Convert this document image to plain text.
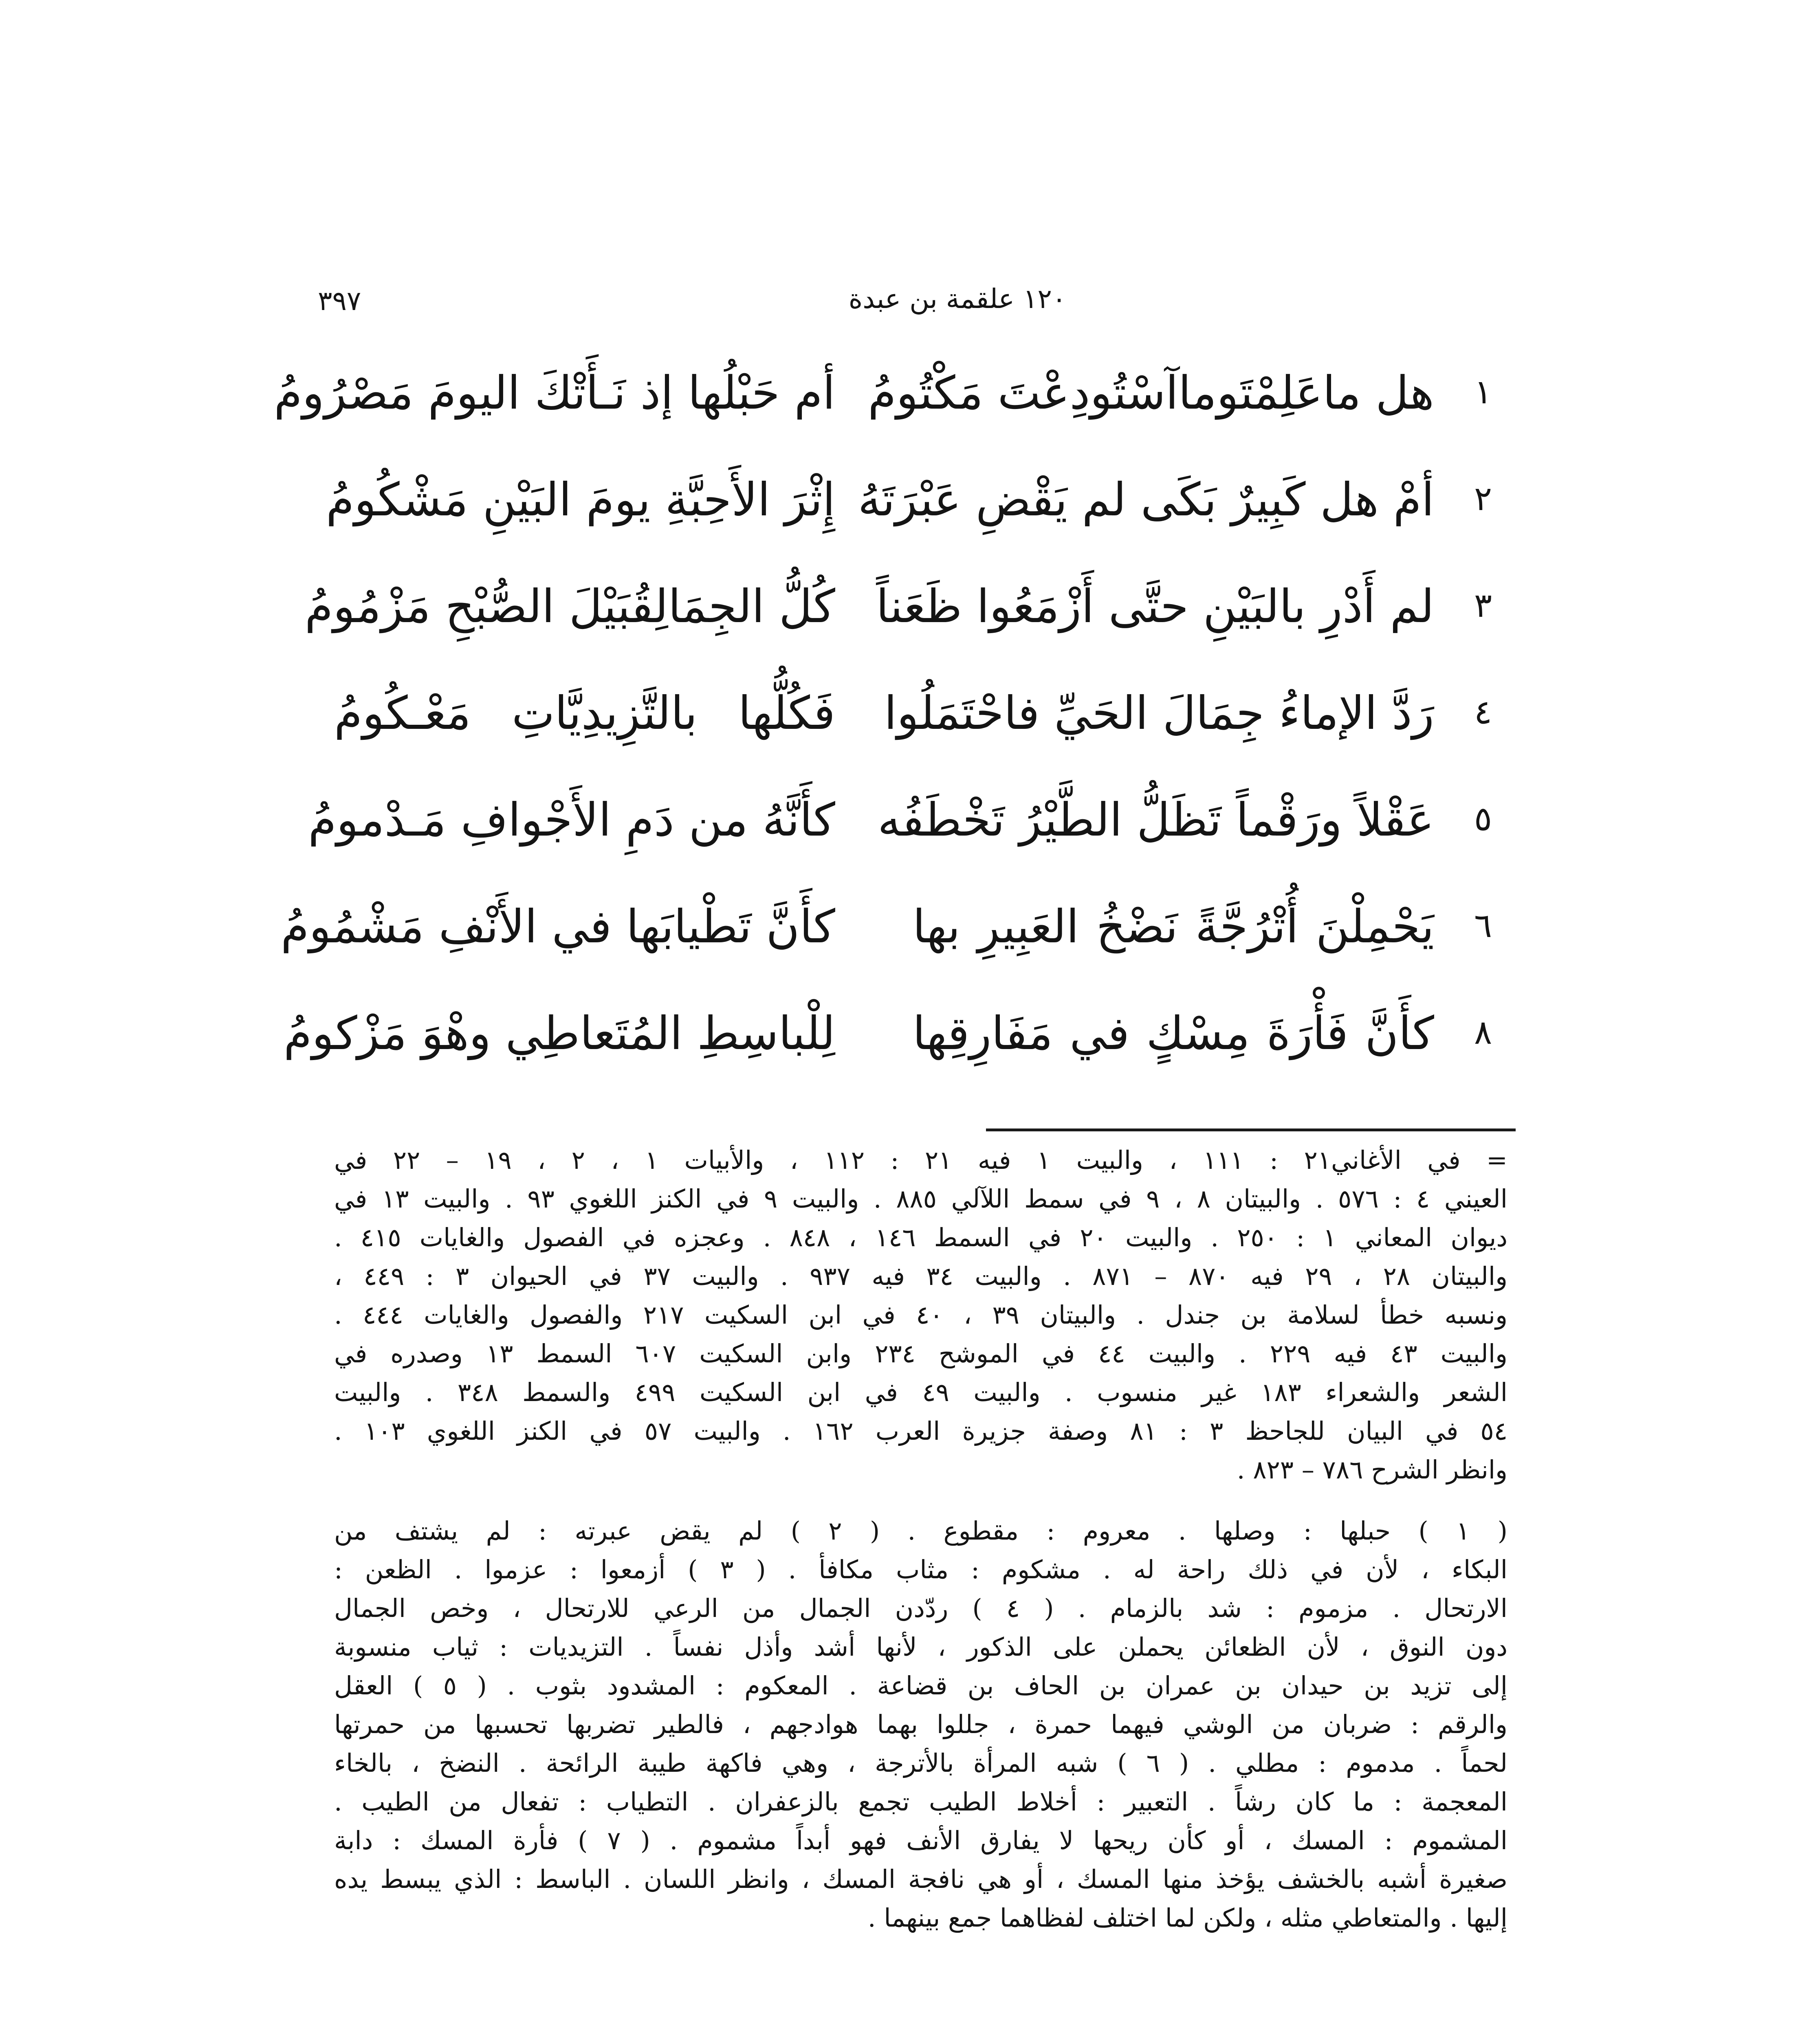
٣٩٧	١٢٠ علقمة بن عبدة
١
هل ماعَلِمْتَوماآسْتُودِعْتَ مَكْتُومُ
أم حَبْلُها إذ نَـأَتْكَ اليومَ مَصْرُومُ
٢
أمْ هل كَبِيرٌ بَكَى لم يَقْضِ عَبْرَتَهُ
إِثْرَ الأَحِبَّةِ يومَ البَيْنِ مَشْكُومُ
٣
لم أَدْرِ بالبَيْنِ حتَّى أَزْمَعُوا ظَعَناً
كُلُّ الجِمَالِقُبَيْلَ الصُّبْحِ مَزْمُومُ
٤
رَدَّ الإماءُ جِمَالَ الحَيِّ فاحْتَمَلُوا
فَكُلُّها بالتَّزِيدِيَّاتِ مَعْـكُومُ
٥
عَقْلاً ورَقْماً تَظَلُّ الطَّيْرُ تَخْطَفُه
كأَنَّهُ من دَمِ الأَجْوافِ مَـدْمومُ
٦
يَحْمِلْنَ أُتْرُجَّةً نَضْخُ العَبِيرِ بها
كأَنَّ تَطْيابَها في الأَنْفِ مَشْمُومُ
٨
كأَنَّ فَأْرَةَ مِسْكٍ في مَفَارِقِها
لِلْباسِطِ المُتَعاطِي وهْوَ مَزْكومُ
= في الأغاني٢١ : ١١١ ، والبيت ١ فيه ٢١ : ١١٢ ، والأبيات ١ ، ٢ ، ١٩ – ٢٢ في
العيني ٤ : ٥٧٦ . والبيتان ٨ ، ٩ في سمط اللآلي ٨٨٥ . والبيت ٩ في الكنز اللغوي ٩٣ . والبيت ١٣ في
ديوان المعاني ١ : ٢٥٠ . والبيت ٢٠ في السمط ١٤٦ ، ٨٤٨ . وعجزه في الفصول والغايات ٤١٥ .
والبيتان ٢٨ ، ٢٩ فيه ٨٧٠ – ٨٧١ . والبيت ٣٤ فيه ٩٣٧ . والبيت ٣٧ في الحيوان ٣ : ٤٤٩ ،
ونسبه خطأ لسلامة بن جندل . والبيتان ٣٩ ، ٤٠ في ابن السكيت ٢١٧ والفصول والغايات ٤٤٤ .
والبيت ٤٣ فيه ٢٢٩ . والبيت ٤٤ في الموشح ٢٣٤ وابن السكيت ٦٠٧ السمط ١٣ وصدره في
الشعر والشعراء ١٨٣ غير منسوب . والبيت ٤٩ في ابن السكيت ٤٩٩ والسمط ٣٤٨ . والبيت
٥٤ في البيان للجاحظ ٣ : ٨١ وصفة جزيرة العرب ١٦٢ . والبيت ٥٧ في الكنز اللغوي ١٠٣ .
وانظر الشرح ٧٨٦ – ٨٢٣ .
( ١ ) حبلها : وصلها . معروم : مقطوع . ( ٢ ) لم يقض عبرته : لم يشتف من
البكاء ، لأن في ذلك راحة له . مشكوم : مثاب مكافأ . ( ٣ ) أزمعوا : عزموا . الظعن :
الارتحال . مزموم : شد بالزمام . ( ٤ ) ردّدن الجمال من الرعي للارتحال ، وخص الجمال
دون النوق ، لأن الظعائن يحملن على الذكور ، لأنها أشد وأذل نفساً . التزيديات : ثياب منسوبة
إلى تزيد بن حيدان بن عمران بن الحاف بن قضاعة . المعكوم : المشدود بثوب . ( ٥ ) العقل
والرقم : ضربان من الوشي فيهما حمرة ، جللوا بهما هوادجهم ، فالطير تضربها تحسبها من حمرتها
لحماً . مدموم : مطلي . ( ٦ ) شبه المرأة بالأترجة ، وهي فاكهة طيبة الرائحة . النضخ ، بالخاء
المعجمة : ما كان رشاً . التعبير : أخلاط الطيب تجمع بالزعفران . التطياب : تفعال من الطيب .
المشموم : المسك ، أو كأن ريحها لا يفارق الأنف فهو أبداً مشموم . ( ٧ ) فأرة المسك : دابة
صغيرة أشبه بالخشف يؤخذ منها المسك ، أو هي نافجة المسك ، وانظر اللسان . الباسط : الذي يبسط يده
إليها . والمتعاطي مثله ، ولكن لما اختلف لفظاهما جمع بينهما .
